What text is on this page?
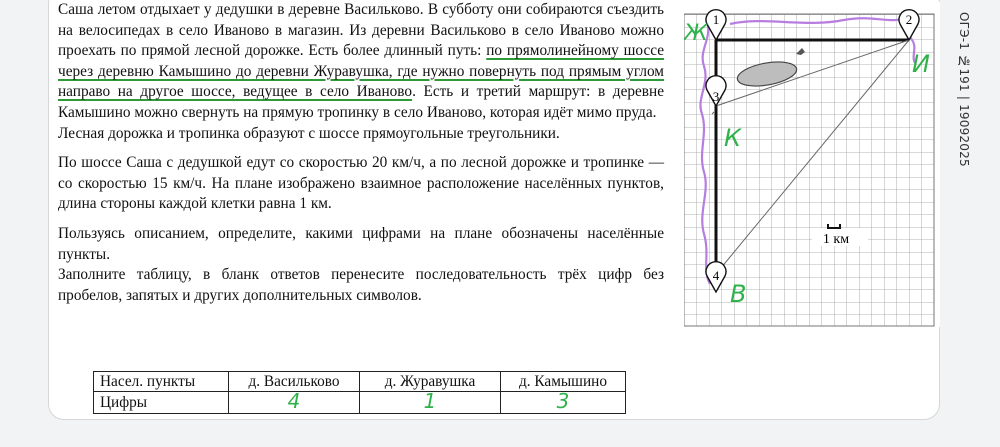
Саша летом отдыхает у дедушки в деревне Васильково. В субботу они собираются съездить на велосипедах в село Иваново в магазин. Из деревни Васильково в село Иваново можно проехать по прямой лесной дорожке. Есть более длинный путь: по прямолинейному шоссе через деревню Камышино до деревни Журавушка, где нужно повернуть под прямым углом направо на другое шоссе, ведущее в село Иваново. Есть и третий маршрут: в деревне Камышино можно свернуть на прямую тропинку в село Иваново, которая идёт мимо пруда.

Лесная дорожка и тропинка образуют с шоссе прямоугольные треугольники.

По шоссе Саша с дедушкой едут со скоростью 20 км/ч, а по лесной дорожке и тропинке — со скоростью 15 км/ч. На плане изображено взаимное расположение населённых пунктов, длина стороны каждой клетки равна 1 км.

Пользуясь описанием, определите, какими цифрами на плане обозначены населённые пункты.

Заполните таблицу, в бланк ответов перенесите последовательность трёх цифр без пробелов, запятых и других дополнительных символов.

Насел. пункты	д. Васильково	д. Журавушка	д. Камышино
Цифры	4	1	3
1	2
3
4
1 км
Ж
И
К
В
ОГЭ-1 №191 | 19092025
